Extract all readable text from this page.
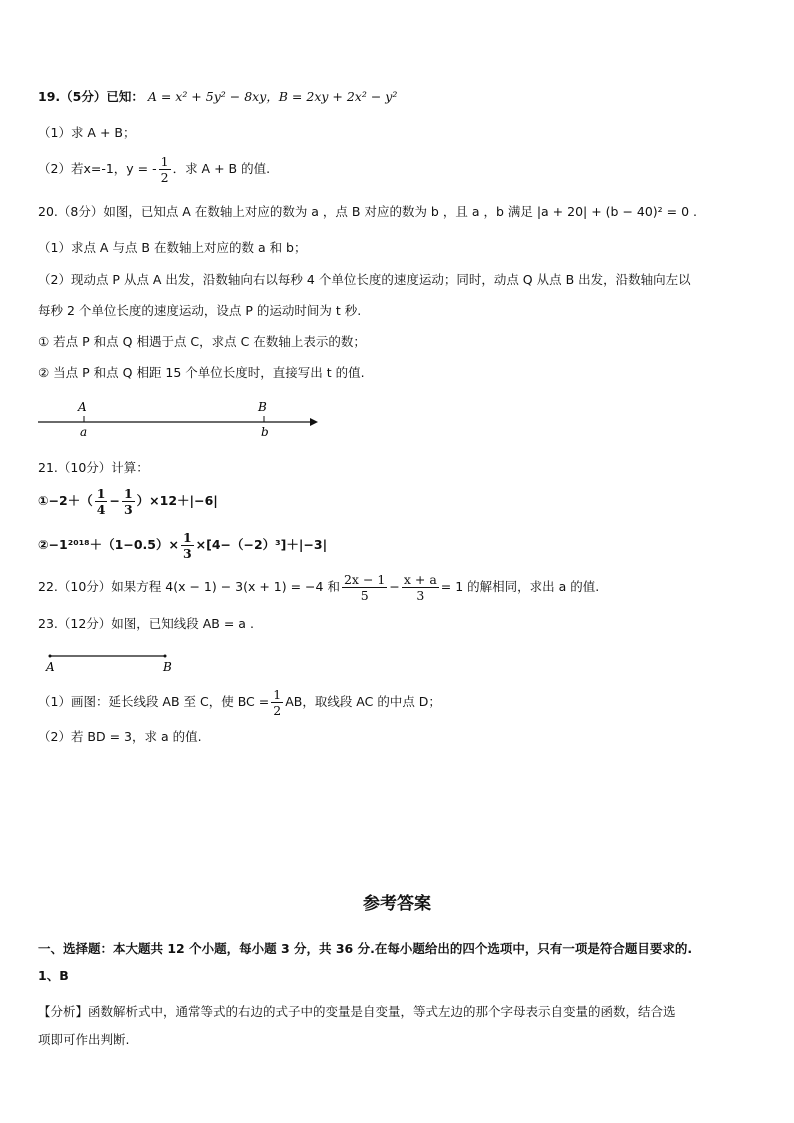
19.（5分）已知： A = x² + 5y² − 8xy，B = 2xy + 2x² − y²
（1）求 A + B；
（2）若x=-1，y = - $\frac{1}{2}$ ．求 A + B 的值.
20.（8分）如图，已知点 A 在数轴上对应的数为 a ，点 B 对应的数为 b ，且 a ，b 满足 |a + 20| + (b − 40)² = 0 .
（1）求点 A 与点 B 在数轴上对应的数 a 和 b；
（2）现动点 P 从点 A 出发，沿数轴向右以每秒 4 个单位长度的速度运动；同时，动点 Q 从点 B 出发，沿数轴向左以
每秒 2 个单位长度的速度运动，设点 P 的运动时间为 t 秒.
① 若点 P 和点 Q 相遇于点 C，求点 C 在数轴上表示的数；
② 当点 P 和点 Q 相距 15 个单位长度时，直接写出 t 的值.
A
a
B
b
21.（10分）计算：
①−2＋（ $\frac{1}{4} - \frac{1}{3} )\times 12+|-6|$
②−1²⁰¹⁸＋（1−0.5）× $\frac{1}{3} \times[4-(-2)^3]+|-3|$
22.（10分）如果方程 4(x − 1) − 3(x + 1) = −4 和 $\frac{2x - 1}{5} - \frac{x + a}{3} = 1$ 的解相同，求出 a 的值.
23.（12分）如图，已知线段 AB = a .
A	B
（1）画图：延长线段 AB 至 C，使 BC = $\frac{1}{2}$ AB，取线段 AC 的中点 D；
（2）若 BD = 3，求 a 的值.
参考答案
一、选择题：本大题共 12 个小题，每小题 3 分，共 36 分.在每小题给出的四个选项中，只有一项是符合题目要求的.
1、B
【分析】函数解析式中，通常等式的右边的式子中的变量是自变量，等式左边的那个字母表示自变量的函数，结合选
项即可作出判断.
